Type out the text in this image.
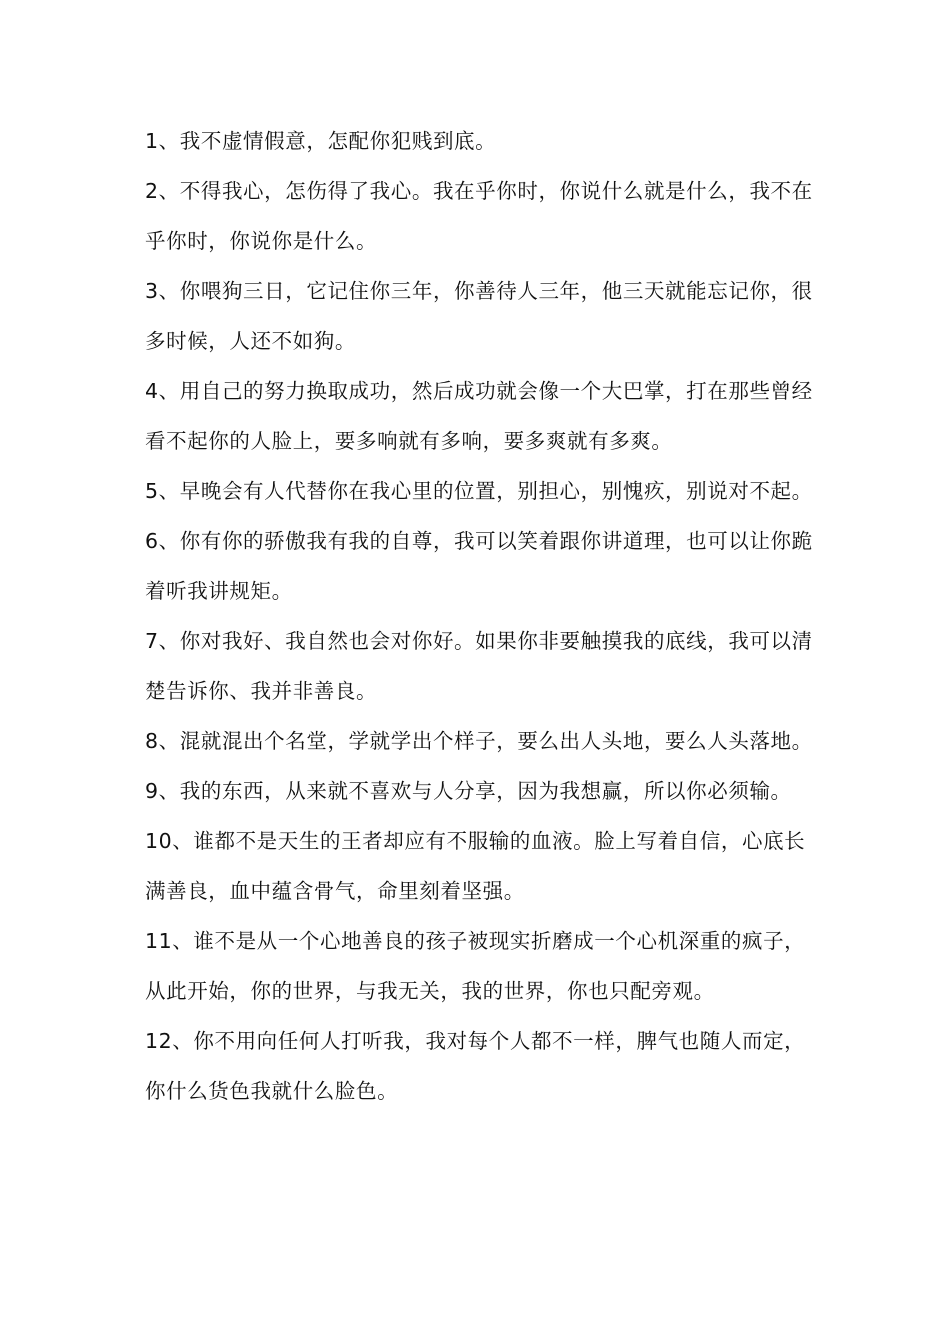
1、我不虚情假意，怎配你犯贱到底。

2、不得我心，怎伤得了我心。我在乎你时，你说什么就是什么，我不在乎你时，你说你是什么。

3、你喂狗三日，它记住你三年，你善待人三年，他三天就能忘记你，很多时候，人还不如狗。

4、用自己的努力换取成功，然后成功就会像一个大巴掌，打在那些曾经看不起你的人脸上，要多响就有多响，要多爽就有多爽。

5、早晚会有人代替你在我心里的位置，别担心，别愧疚，别说对不起。

6、你有你的骄傲我有我的自尊，我可以笑着跟你讲道理，也可以让你跪着听我讲规矩。

7、你对我好、我自然也会对你好。如果你非要触摸我的底线，我可以清楚告诉你、我并非善良。

8、混就混出个名堂，学就学出个样子，要么出人头地，要么人头落地。

9、我的东西，从来就不喜欢与人分享，因为我想赢，所以你必须输。

10、谁都不是天生的王者却应有不服输的血液。脸上写着自信，心底长满善良，血中蕴含骨气，命里刻着坚强。

11、谁不是从一个心地善良的孩子被现实折磨成一个心机深重的疯子，从此开始，你的世界，与我无关，我的世界，你也只配旁观。

12、你不用向任何人打听我，我对每个人都不一样，脾气也随人而定，你什么货色我就什么脸色。
